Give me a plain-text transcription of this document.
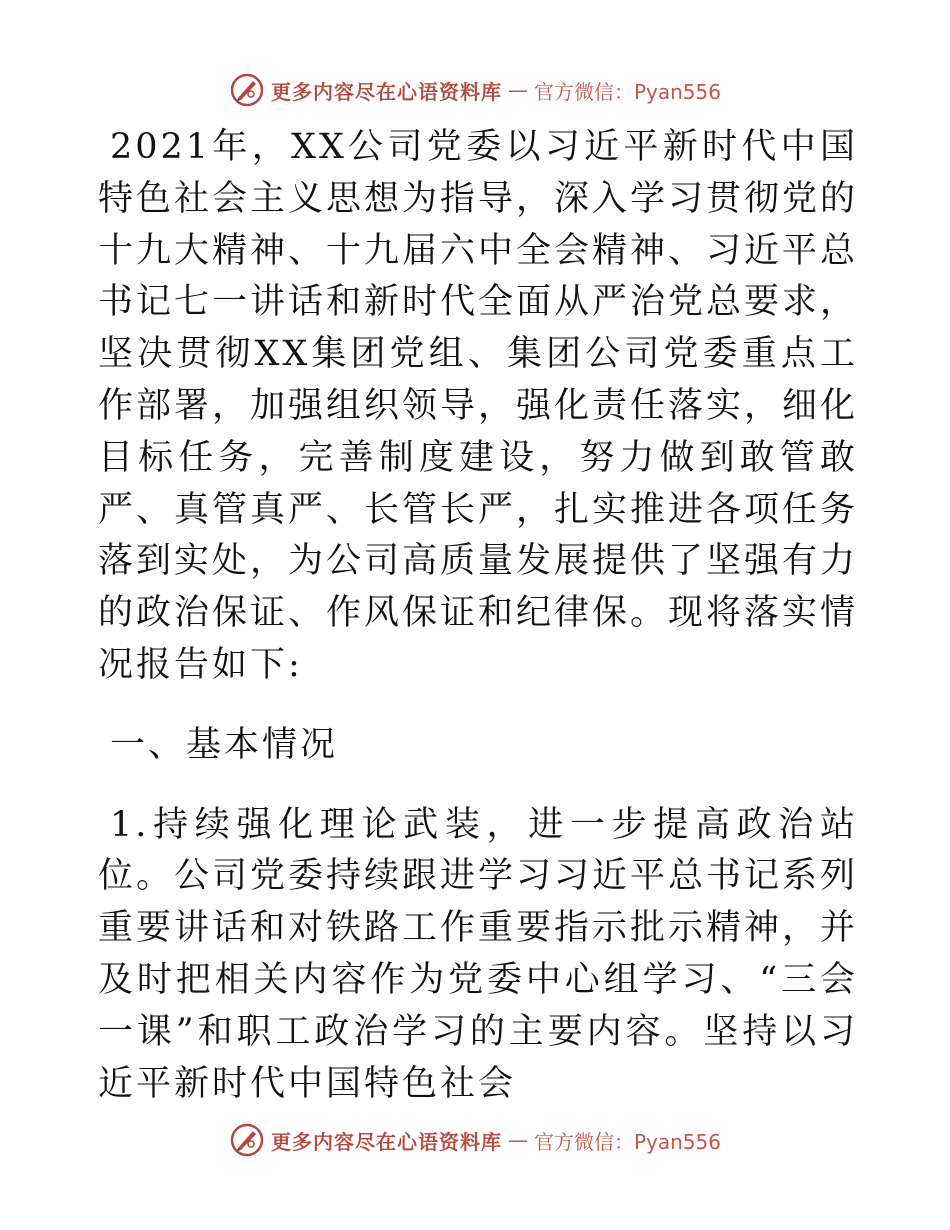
更多内容尽在心语资料库 — 官方微信：Pyan556

2021年，XX公司党委以习近平新时代中国特色社会主义思想为指导，深入学习贯彻党的十九大精神、十九届六中全会精神、习近平总书记七一讲话和新时代全面从严治党总要求，坚决贯彻XX集团党组、集团公司党委重点工作部署，加强组织领导，强化责任落实，细化目标任务，完善制度建设，努力做到敢管敢严、真管真严、长管长严，扎实推进各项任务落到实处，为公司高质量发展提供了坚强有力的政治保证、作风保证和纪律保。现将落实情况报告如下:

一、基本情况

1.持续强化理论武装，进一步提高政治站位。公司党委持续跟进学习习近平总书记系列重要讲话和对铁路工作重要指示批示精神，并及时把相关内容作为党委中心组学习、“三会一课”和职工政治学习的主要内容。坚持以习近平新时代中国特色社会

更多内容尽在心语资料库 — 官方微信：Pyan556
